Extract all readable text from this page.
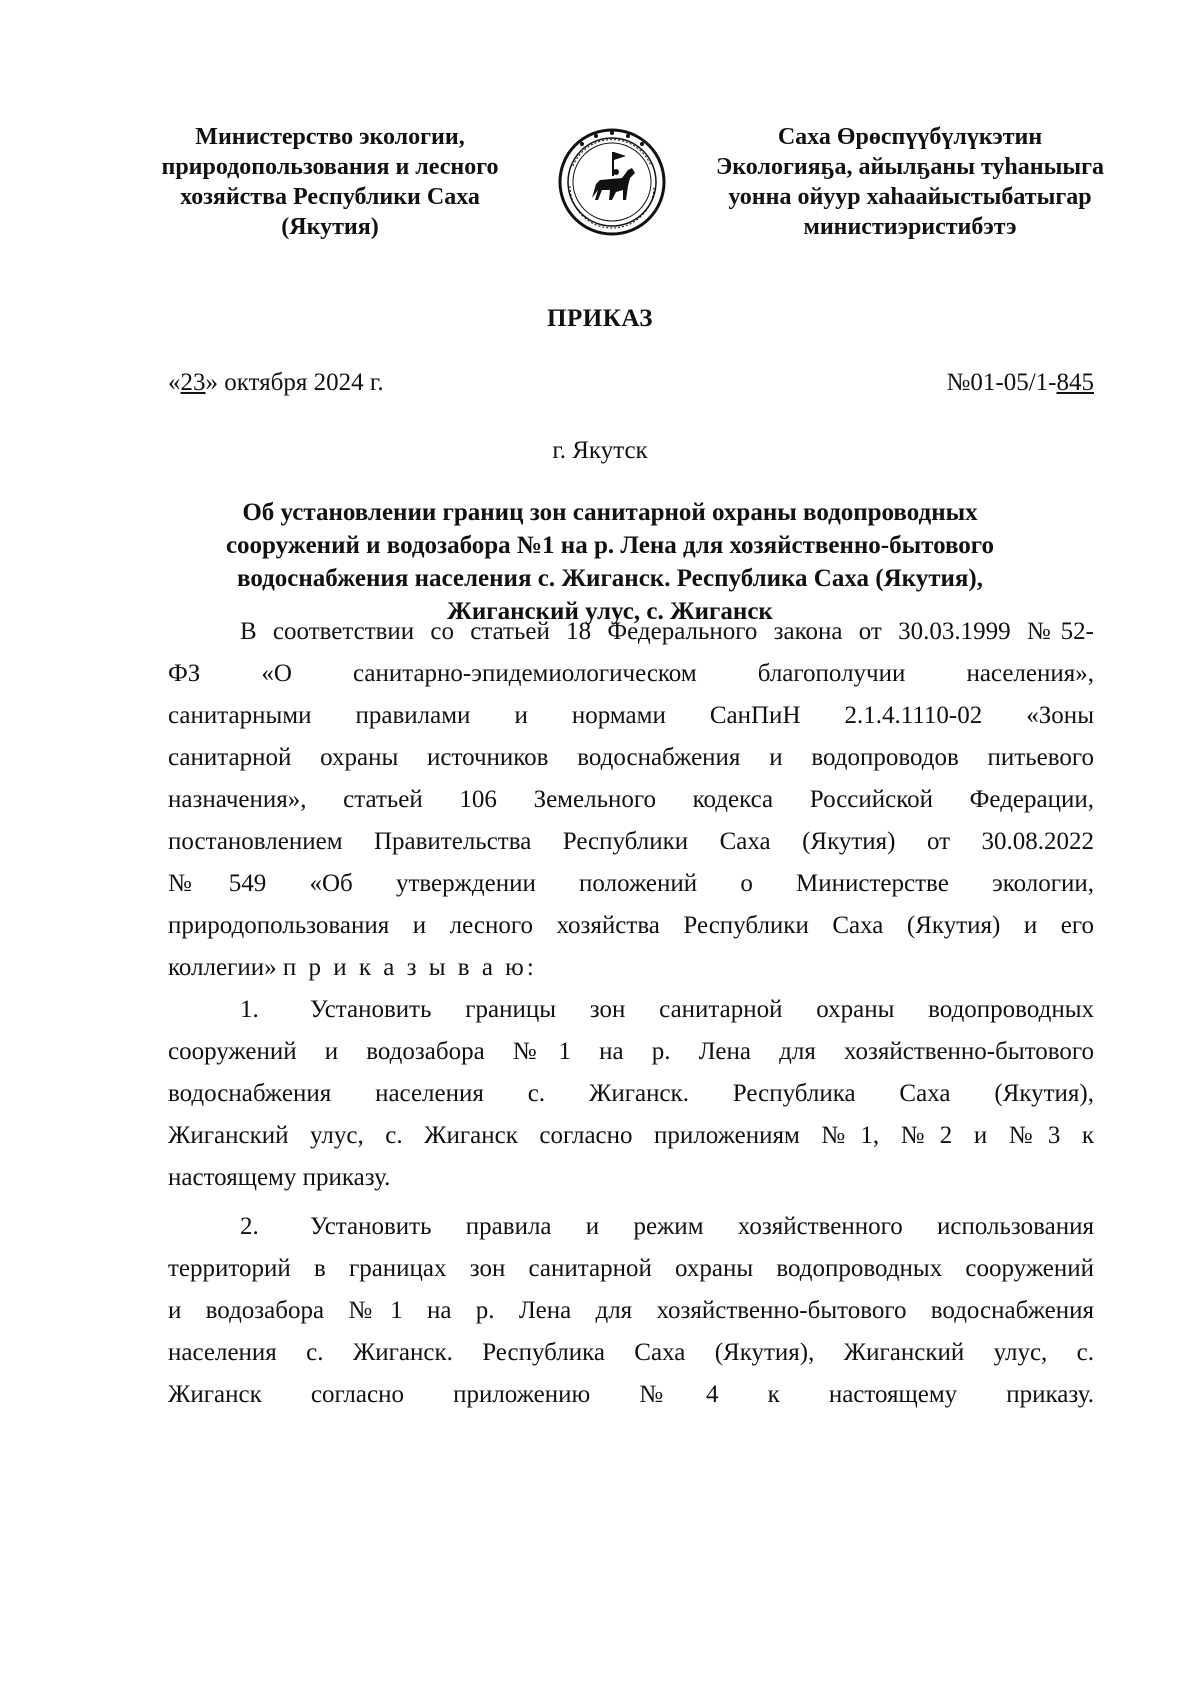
Министерство экологии,
природопользования и лесного
хозяйства Республики Саха
(Якутия)
Саха Өрөспүүбүлүкэтин
Экологияҕа, айылҕаны туһаныыга
уонна ойуур хаһаайыстыбатыгар
министиэристибэтэ
ПРИКАЗ
«23» октября 2024 г.	№01-05/1-845
г. Якутск
Об установлении границ зон санитарной охраны водопроводных
сооружений и водозабора №1 на р. Лена для хозяйственно-бытового
водоснабжения населения с. Жиганск. Республика Саха (Якутия),
Жиганский улус, с. Жиганск
В соответствии со статьей 18 Федерального закона от 30.03.1999 №52-
ФЗ «О санитарно-эпидемиологическом благополучии населения»,
санитарными правилами и нормами СанПиН 2.1.4.1110-02 «Зоны
санитарной охраны источников водоснабжения и водопроводов питьевого
назначения», статьей 106 Земельного кодекса Российской Федерации,
постановлением Правительства Республики Саха (Якутия) от 30.08.2022
№549 «Об утверждении положений о Министерстве экологии,
природопользования и лесного хозяйства Республики Саха (Якутия) и его
коллегии» п р и к а з ы в а ю:
1. Установить границы зон санитарной охраны водопроводных
сооружений и водозабора №1 на р. Лена для хозяйственно-бытового
водоснабжения населения с. Жиганск. Республика Саха (Якутия),
Жиганский улус, с. Жиганск согласно приложениям №1, №2 и №3 к
настоящему приказу.
2. Установить правила и режим хозяйственного использования
территорий в границах зон санитарной охраны водопроводных сооружений
и водозабора №1 на р. Лена для хозяйственно-бытового водоснабжения
населения с. Жиганск. Республика Саха (Якутия), Жиганский улус, с.
Жиганск согласно приложению №4 к настоящему приказу.
